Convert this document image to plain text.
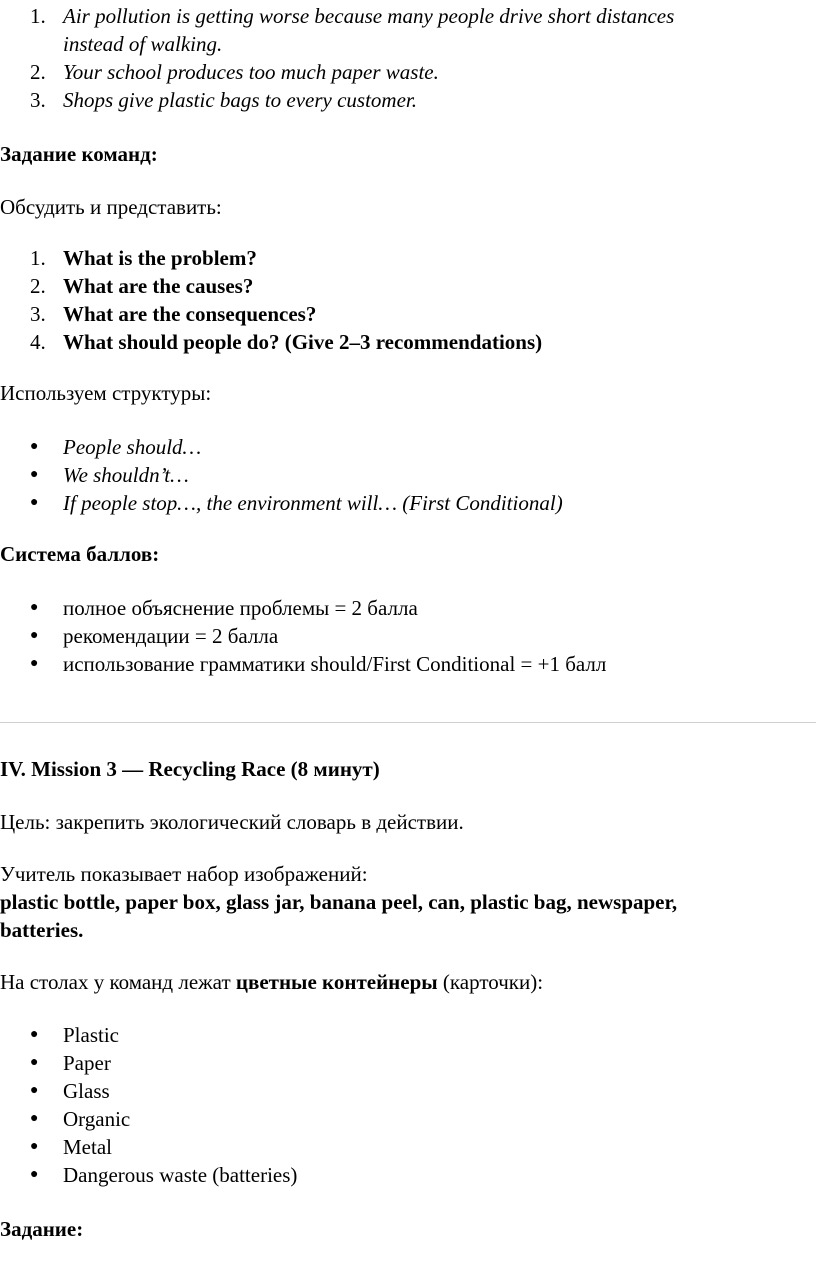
1. Air pollution is getting worse because many people drive short distances
instead of walking.
2. Your school produces too much paper waste.
3. Shops give plastic bags to every customer.

Задание команд:

Обсудить и представить:

1. What is the problem?
2. What are the causes?
3. What are the consequences?
4. What should people do? (Give 2–3 recommendations)

Используем структуры:

●	People should…
●	We shouldn’t…
●	If people stop…, the environment will… (First Conditional)

Система баллов:

●	полное объяснение проблемы = 2 балла
●	рекомендации = 2 балла
●	использование грамматики should/First Conditional = +1 балл

IV. Mission 3 — Recycling Race (8 минут)

Цель: закрепить экологический словарь в действии.

Учитель показывает набор изображений:

plastic bottle, paper box, glass jar, banana peel, can, plastic bag, newspaper,

batteries.

На столах у команд лежат цветные контейнеры (карточки):

●	Plastic
●	Paper
●	Glass
●	Organic
●	Metal
●	Dangerous waste (batteries)

Задание:
